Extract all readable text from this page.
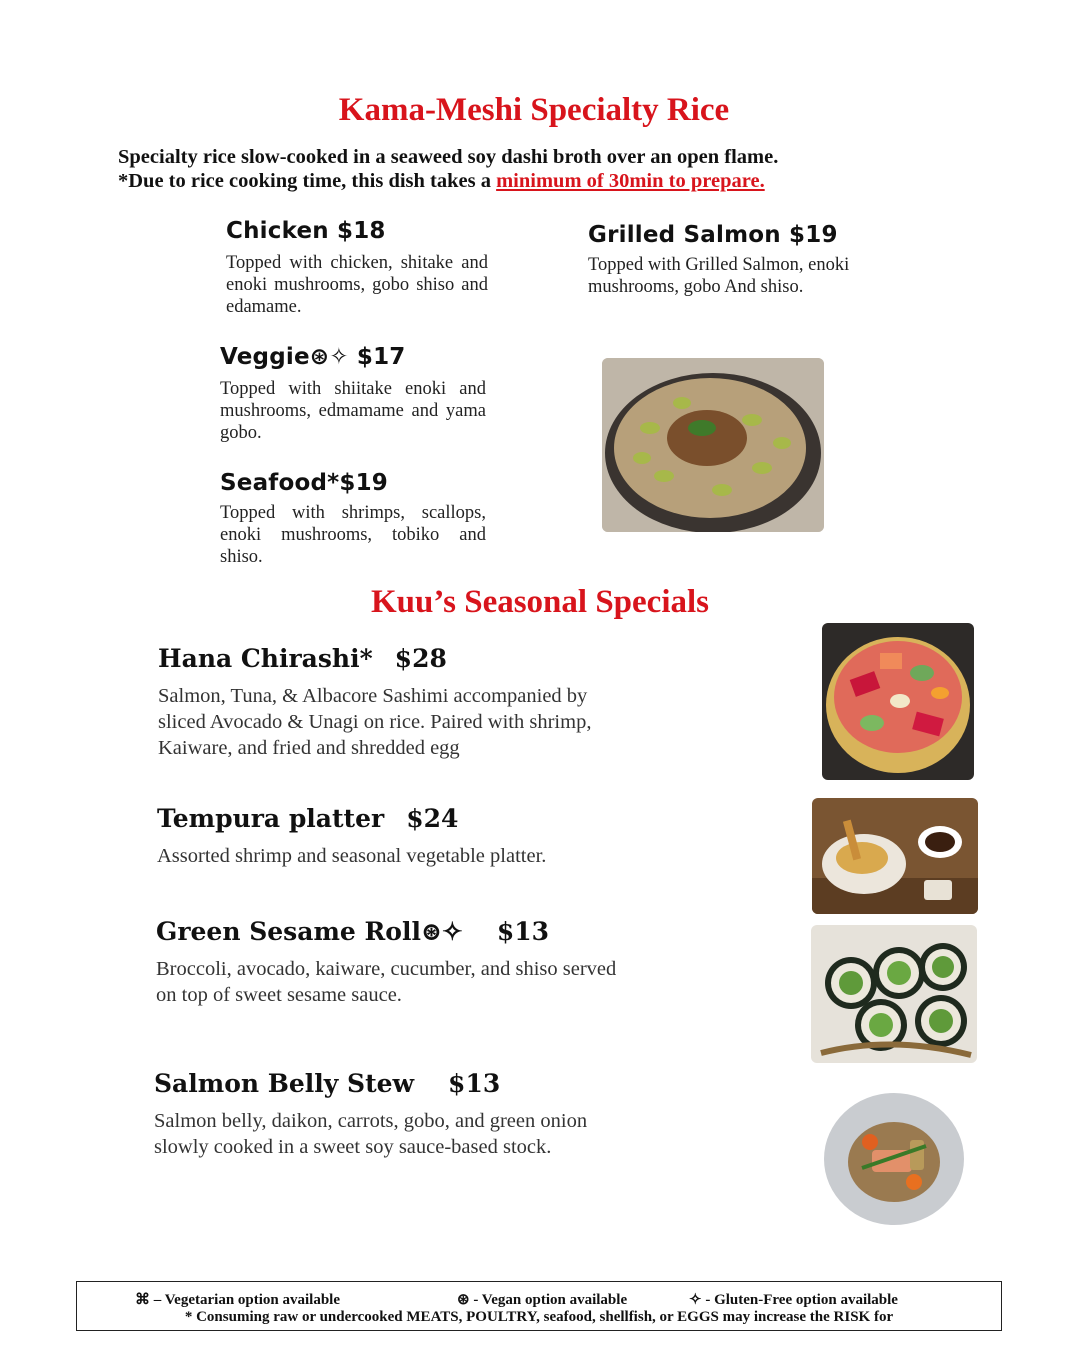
Kama-Meshi Specialty Rice
Specialty rice slow-cooked in a seaweed soy dashi broth over an open flame.
*Due to rice cooking time, this dish takes a minimum of 30min to prepare.
Chicken $18
Topped with chicken, shitake and enoki mushrooms, gobo shiso and edamame.
Grilled Salmon $19
Topped with Grilled Salmon, enoki mushrooms, gobo And shiso.
Veggie⊛✧ $17
Topped with shiitake enoki and mushrooms, edmamame and yama gobo.
Seafood*$19
Topped with shrimps, scallops, enoki mushrooms, tobiko and shiso.
Kuu’s Seasonal Specials
Hana Chirashi* $28
Salmon, Tuna, & Albacore Sashimi accompanied by sliced Avocado & Unagi on rice. Paired with shrimp, Kaiware, and fried and shredded egg
Tempura platter $24
Assorted shrimp and seasonal vegetable platter.
Green Sesame Roll⊛✧ $13
Broccoli, avocado, kaiware, cucumber, and shiso served on top of sweet sesame sauce.
Salmon Belly Stew $13
Salmon belly, daikon, carrots, gobo, and green onion slowly cooked in a sweet soy sauce-based stock.
⌘ – Vegetarian option available	⊛ - Vegan option available	✧ - Gluten-Free option available
* Consuming raw or undercooked MEATS, POULTRY, seafood, shellfish, or EGGS may increase the RISK for
